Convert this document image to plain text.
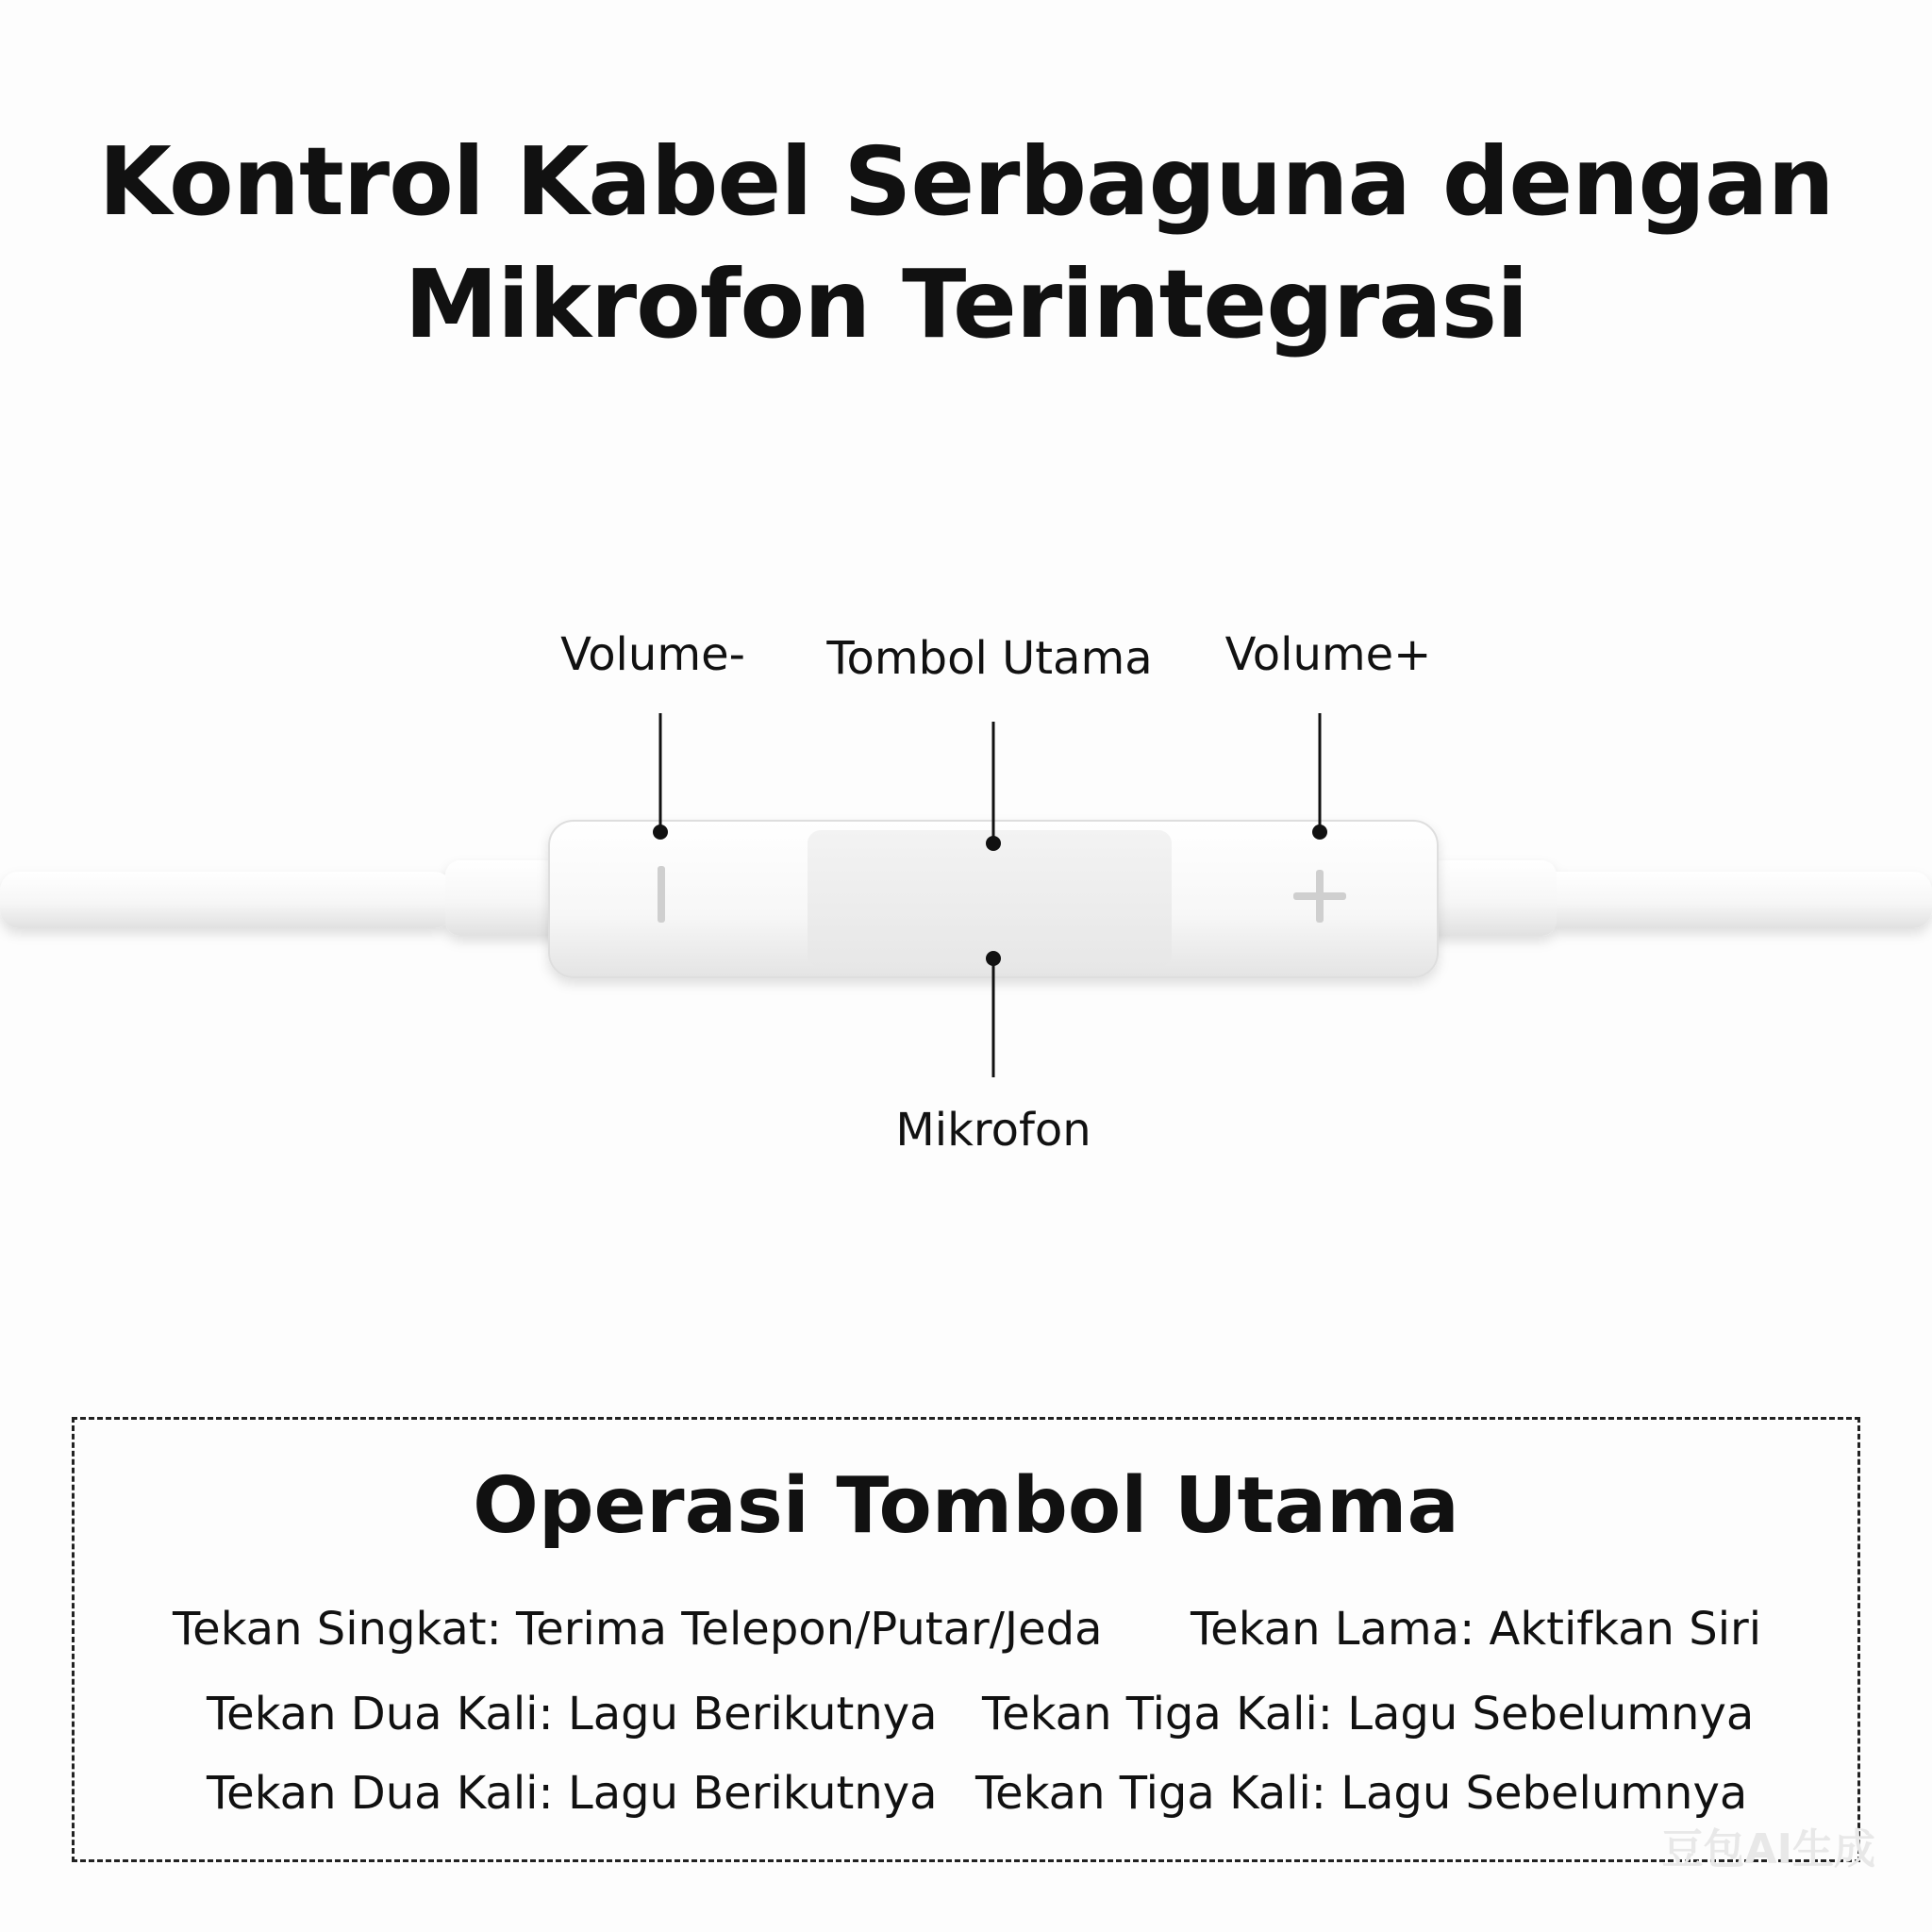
Kontrol Kabel Serbaguna dengan
Mikrofon Terintegrasi
Volume- Tombol Utama Volume+
Mikrofon
Operasi Tombol Utama
Tekan Singkat: Terima Telepon/Putar/Jeda Tekan Lama: Aktifkan Siri
Tekan Dua Kali: Lagu Berikutnya Tekan Tiga Kali: Lagu Sebelumnya
Tekan Dua Kali: Lagu Berikutnya Tekan Tiga Kali: Lagu Sebelumnya
豆包AI生成
